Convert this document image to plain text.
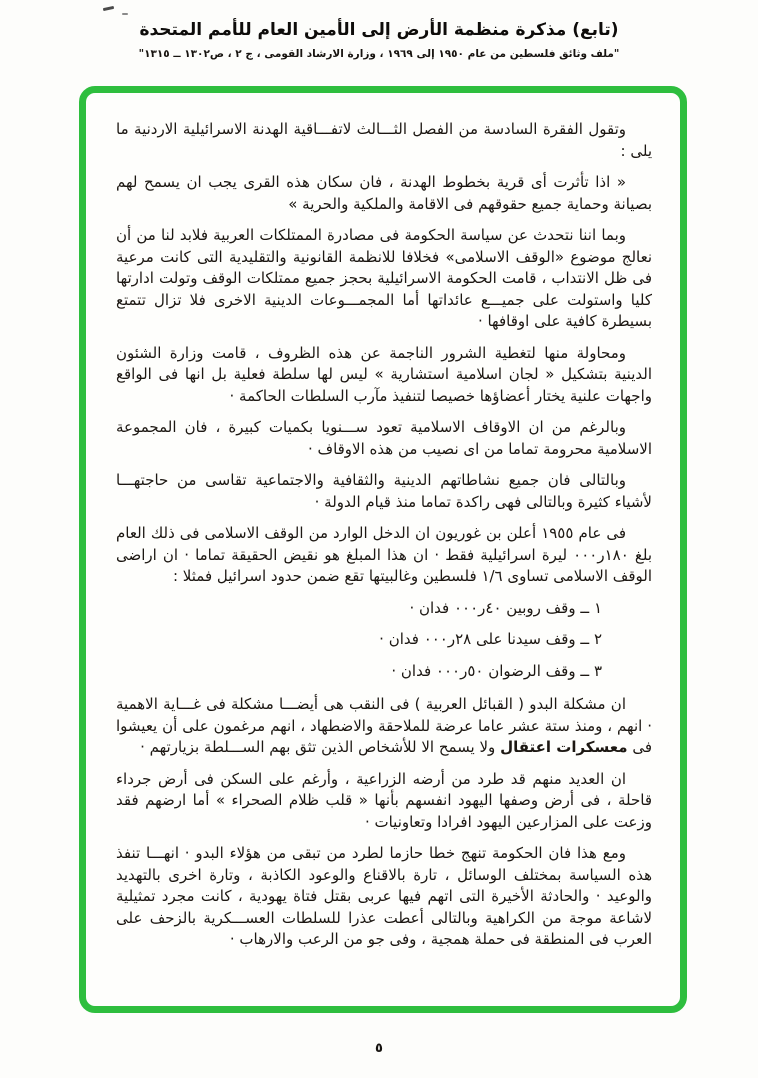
(تابع) مذكرة منظمة الأرض إلى الأمين العام للأمم المتحدة
"ملف وثائق فلسطين من عام ١٩٥٠ إلى ١٩٦٩ ، وزارة الارشاد القومى ، ج ٢ ، ص١٣٠٢ ــ ١٣١٥"

وتقول الفقرة السادسة من الفصل الثـــالث لاتفـــاقية الهدنة الاسرائيلية الاردنية ما يلى :

« اذا تأثرت أى قرية بخطوط الهدنة ، فان سكان هذه القرى يجب ان يسمح لهم بصيانة وحماية جميع حقوقهم فى الاقامة والملكية والحرية »

وبما اننا نتحدث عن سياسة الحكومة فى مصادرة الممتلكات العربية فلابد لنا من أن نعالج موضوع «الوقف الاسلامى» فخلافا للانظمة القانونية والتقليدية التى كانت مرعية فى ظل الانتداب ، قامت الحكومة الاسرائيلية بحجز جميع ممتلكات الوقف وتولت ادارتها كليا واستولت على جميـــع عائداتها أما المجمـــوعات الدينية الاخرى فلا تزال تتمتع بسيطرة كافية على اوقافها ·

ومحاولة منها لتغطية الشرور الناجمة عن هذه الظروف ، قامت وزارة الشئون الدينية بتشكيل « لجان اسلامية استشارية » ليس لها سلطة فعلية بل انها فى الواقع واجهات علنية يختار أعضاؤها خصيصا لتنفيذ مآرب السلطات الحاكمة ·

وبالرغم من ان الاوقاف الاسلامية تعود ســـنويا بكميات كبيرة ، فان المجموعة الاسلامية محرومة تماما من اى نصيب من هذه الاوقاف ·

وبالتالى فان جميع نشاطاتهم الدينية والثقافية والاجتماعية تقاسى من حاجتهـــا لأشياء كثيرة وبالتالى فهى راكدة تماما منذ قيام الدولة ·

فى عام ١٩٥٥ أعلن بن غوريون ان الدخل الوارد من الوقف الاسلامى فى ذلك العام بلغ ١٨٠ر٠٠٠ ليرة اسرائيلية فقط · ان هذا المبلغ هو نقيض الحقيقة تماما · ان اراضى الوقف الاسلامى تساوى ١/٦ فلسطين وغالبيتها تقع ضمن حدود اسرائيل فمثلا :

١ ــ وقف روبين ٤٠ر٠٠٠ فدان ·
٢ ــ وقف سيدنا على ٢٨ر٠٠٠ فدان ·
٣ ــ وقف الرضوان ٥٠ر٠٠٠ فدان ·

ان مشكلة البدو ( القبائل العربية ) فى النقب هى أيضـــا مشكلة فى غـــاية الاهمية · انهم ، ومنذ ستة عشر عاما عرضة للملاحقة والاضطهاد ، انهم مرغمون على أن يعيشوا فى معسكرات اعتقال ولا يسمح الا للأشخاص الذين تثق بهم الســـلطة بزيارتهم ·

ان العديد منهم قد طرد من أرضه الزراعية ، وأرغم على السكن فى أرض جرداء قاحلة ، فى أرض وصفها اليهود انفسهم بأنها « قلب ظلام الصحراء » أما ارضهم فقد وزعت على المزارعين اليهود افرادا وتعاونيات ·

ومع هذا فان الحكومة تنهج خطا حازما لطرد من تبقى من هؤلاء البدو · انهـــا تنفذ هذه السياسة بمختلف الوسائل ، تارة بالاقناع والوعود الكاذبة ، وتارة اخرى بالتهديد والوعيد · والحادثة الأخيرة التى اتهم فيها عربى بقتل فتاة يهودية ، كانت مجرد تمثيلية لاشاعة موجة من الكراهية وبالتالى أعطت عذرا للسلطات العســـكرية بالزحف على العرب فى المنطقة فى حملة همجية ، وفى جو من الرعب والارهاب ·

٥
